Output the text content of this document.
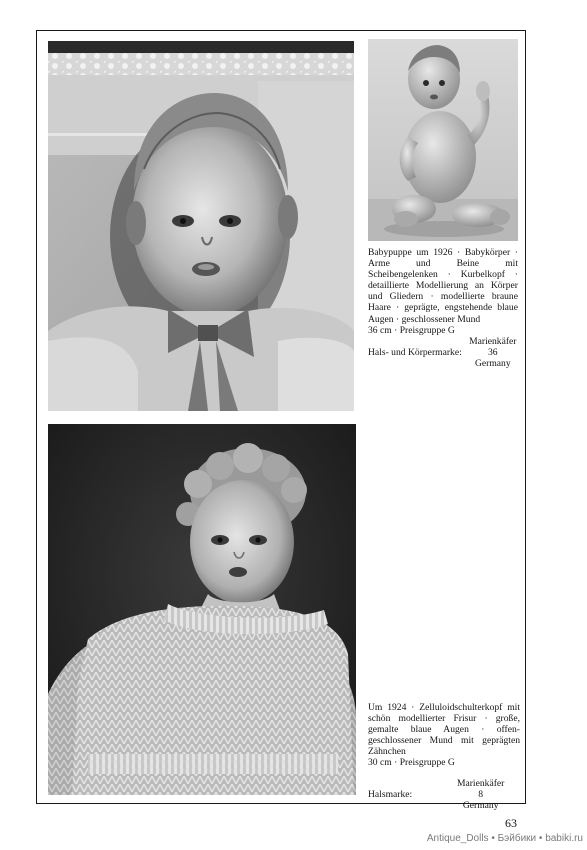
Babypuppe um 1926 · Babykörper · Arme und Beine mit Scheibengelenken · Kurbelkopf · detaillierte Modellierung an Körper und Gliedern · modellierte braune Haare · geprägte, engstehende blaue Augen · geschlossener Mund

36 cm · Preisgruppe G

	Marienkäfer
Hals- und Körpermarke:	36
	Germany

Um 1924 · Zelluloidschulterkopf mit schön modellierter Frisur · große, gemalte blaue Augen · offen-geschlossener Mund mit geprägten Zähnchen

30 cm · Preisgruppe G

	Marienkäfer
Halsmarke:	8
	Germany
63
Antique_Dolls • Бэйбики • babiki.ru
